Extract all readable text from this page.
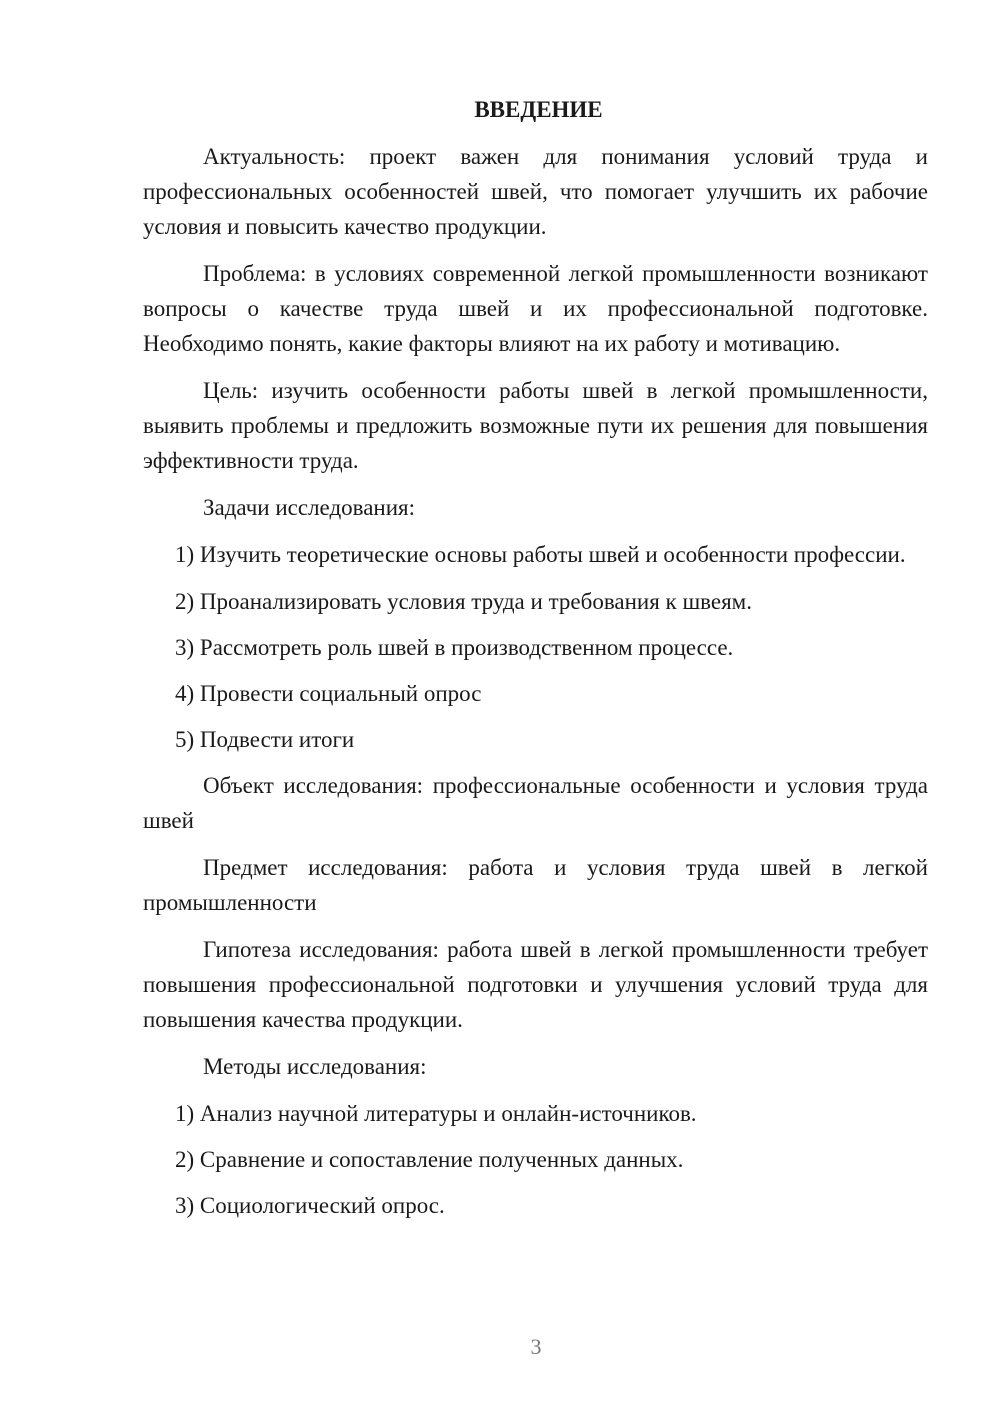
ВВЕДЕНИЕ

Актуальность: проект важен для понимания условий труда и профессиональных особенностей швей, что помогает улучшить их рабочие условия и повысить качество продукции.

Проблема: в условиях современной легкой промышленности возникают вопросы о качестве труда швей и их профессиональной подготовке. Необходимо понять, какие факторы влияют на их работу и мотивацию.

Цель: изучить особенности работы швей в легкой промышленности, выявить проблемы и предложить возможные пути их решения для повышения эффективности труда.

Задачи исследования:

1) Изучить теоретические основы работы швей и особенности профессии.

2) Проанализировать условия труда и требования к швеям.

3) Рассмотреть роль швей в производственном процессе.

4) Провести социальный опрос

5) Подвести итоги

Объект исследования: профессиональные особенности и условия труда швей

Предмет исследования: работа и условия труда швей в легкой промышленности

Гипотеза исследования: работа швей в легкой промышленности требует повышения профессиональной подготовки и улучшения условий труда для повышения качества продукции.

Методы исследования:

1) Анализ научной литературы и онлайн-источников.

2) Сравнение и сопоставление полученных данных.

3) Социологический опрос.

3
